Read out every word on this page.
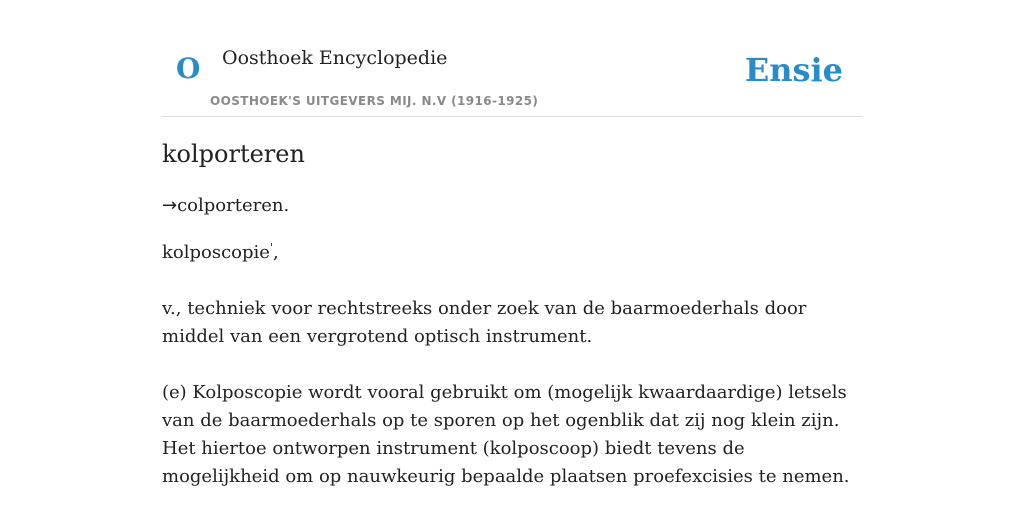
O Oosthoek Encyclopedie
OOSTHOEK'S UITGEVERS MIJ. N.V (1916-1925)
Ensie
kolporteren
→colporteren.
kolposcopie',

v., techniek voor rechtstreeks onder zoek van de baarmoederhals door middel van een vergrotend optisch instrument.

(e) Kolposcopie wordt vooral gebruikt om (mogelijk kwaardaardige) letsels van de baarmoederhals op te sporen op het ogenblik dat zij nog klein zijn. Het hiertoe ontworpen instrument (kolposcoop) biedt tevens de mogelijkheid om op nauwkeurig bepaalde plaatsen proefexcisies te nemen.
